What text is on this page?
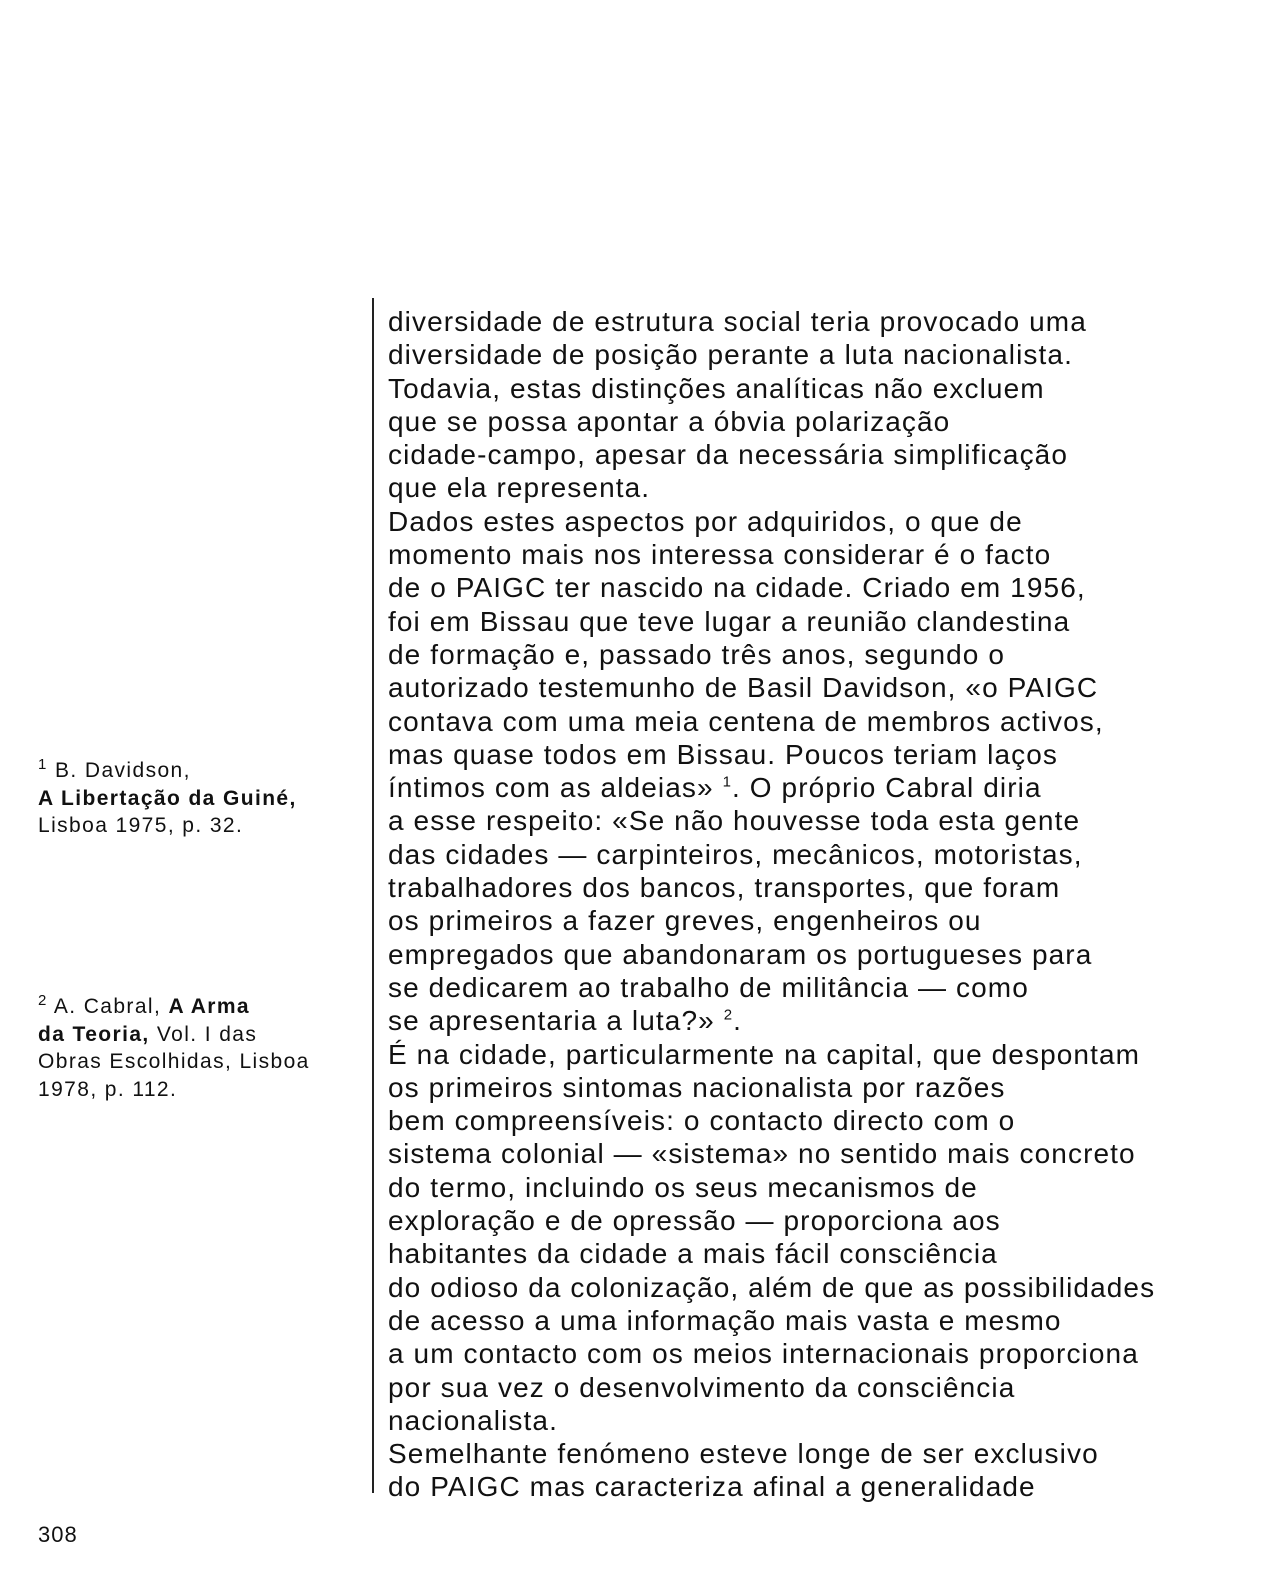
diversidade de estrutura social teria provocado uma
diversidade de posição perante a luta nacionalista.
Todavia, estas distinções analíticas não excluem
que se possa apontar a óbvia polarização
cidade-campo, apesar da necessária simplificação
que ela representa.
Dados estes aspectos por adquiridos, o que de
momento mais nos interessa considerar é o facto
de o PAIGC ter nascido na cidade. Criado em 1956,
foi em Bissau que teve lugar a reunião clandestina
de formação e, passado três anos, segundo o
autorizado testemunho de Basil Davidson, «o PAIGC
contava com uma meia centena de membros activos,
mas quase todos em Bissau. Poucos teriam laços
íntimos com as aldeias» $^1$. O próprio Cabral diria
a esse respeito: «Se não houvesse toda esta gente
das cidades — carpinteiros, mecânicos, motoristas,
trabalhadores dos bancos, transportes, que foram
os primeiros a fazer greves, engenheiros ou
empregados que abandonaram os portugueses para
se dedicarem ao trabalho de militância — como
se apresentaria a luta?» $^2$.
É na cidade, particularmente na capital, que despontam
os primeiros sintomas nacionalista por razões
bem compreensíveis: o contacto directo com o
sistema colonial — «sistema» no sentido mais concreto
do termo, incluindo os seus mecanismos de
exploração e de opressão — proporciona aos
habitantes da cidade a mais fácil consciência
do odioso da colonização, além de que as possibilidades
de acesso a uma informação mais vasta e mesmo
a um contacto com os meios internacionais proporciona
por sua vez o desenvolvimento da consciência
nacionalista.
Semelhante fenómeno esteve longe de ser exclusivo
do PAIGC mas caracteriza afinal a generalidade
$^1$ B. Davidson,
A Libertação da Guiné,
Lisboa 1975, p. 32.
$^2$ A. Cabral, A Arma
da Teoria, Vol. I das
Obras Escolhidas, Lisboa
1978, p. 112.
308
